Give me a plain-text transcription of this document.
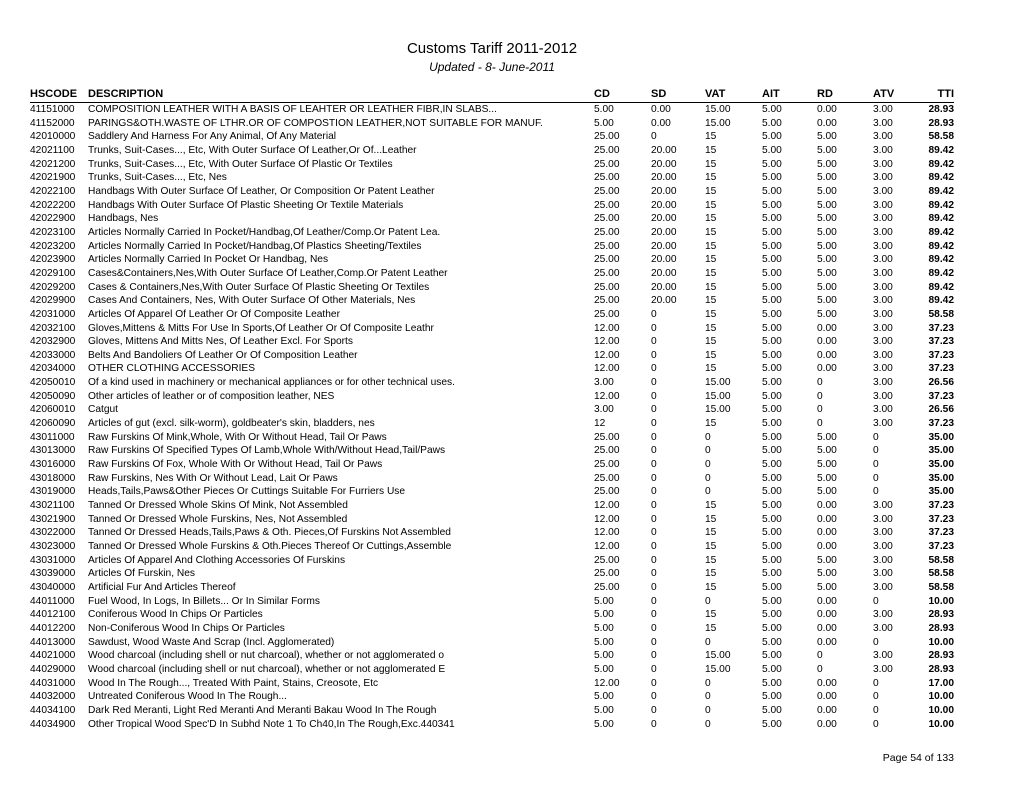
Customs Tariff 2011-2012
Updated - 8- June-2011
HSCODE	DESCRIPTION	CD	SD	VAT	AIT	RD	ATV	TTI
41151000	COMPOSITION LEATHER WITH A BASIS OF LEAHTER OR LEATHER FIBR,IN SLABS...	5.00	0.00	15.00	5.00	0.00	3.00	28.93
41152000	PARINGS&OTH.WASTE OF LTHR.OR OF COMPOSTION LEATHER,NOT SUITABLE FOR MANUF.	5.00	0.00	15.00	5.00	0.00	3.00	28.93
42010000	Saddlery And Harness For Any Animal, Of Any Material	25.00	0	15	5.00	5.00	3.00	58.58
42021100	Trunks, Suit-Cases..., Etc, With Outer Surface Of Leather,Or Of...Leather	25.00	20.00	15	5.00	5.00	3.00	89.42
42021200	Trunks, Suit-Cases..., Etc, With Outer Surface Of Plastic Or Textiles	25.00	20.00	15	5.00	5.00	3.00	89.42
42021900	Trunks, Suit-Cases..., Etc, Nes	25.00	20.00	15	5.00	5.00	3.00	89.42
42022100	Handbags With Outer Surface Of Leather, Or Composition Or Patent Leather	25.00	20.00	15	5.00	5.00	3.00	89.42
42022200	Handbags With Outer Surface Of Plastic Sheeting Or Textile Materials	25.00	20.00	15	5.00	5.00	3.00	89.42
42022900	Handbags, Nes	25.00	20.00	15	5.00	5.00	3.00	89.42
42023100	Articles Normally Carried In Pocket/Handbag,Of Leather/Comp.Or Patent Lea.	25.00	20.00	15	5.00	5.00	3.00	89.42
42023200	Articles Normally Carried In Pocket/Handbag,Of Plastics Sheeting/Textiles	25.00	20.00	15	5.00	5.00	3.00	89.42
42023900	Articles Normally Carried In Pocket Or Handbag, Nes	25.00	20.00	15	5.00	5.00	3.00	89.42
42029100	Cases&Containers,Nes,With Outer Surface Of Leather,Comp.Or Patent Leather	25.00	20.00	15	5.00	5.00	3.00	89.42
42029200	Cases & Containers,Nes,With Outer Surface Of Plastic Sheeting Or Textiles	25.00	20.00	15	5.00	5.00	3.00	89.42
42029900	Cases And Containers, Nes, With Outer Surface Of Other Materials, Nes	25.00	20.00	15	5.00	5.00	3.00	89.42
42031000	Articles Of Apparel Of Leather Or Of Composite Leather	25.00	0	15	5.00	5.00	3.00	58.58
42032100	Gloves,Mittens & Mitts For Use In Sports,Of Leather Or Of Composite Leathr	12.00	0	15	5.00	0.00	3.00	37.23
42032900	Gloves, Mittens And Mitts Nes, Of Leather Excl. For Sports	12.00	0	15	5.00	0.00	3.00	37.23
42033000	Belts And Bandoliers Of Leather Or Of Composition Leather	12.00	0	15	5.00	0.00	3.00	37.23
42034000	OTHER CLOTHING ACCESSORIES	12.00	0	15	5.00	0.00	3.00	37.23
42050010	Of a kind used in machinery or mechanical appliances or for other technical uses.	3.00	0	15.00	5.00	0	3.00	26.56
42050090	Other articles of leather or of composition leather, NES	12.00	0	15.00	5.00	0	3.00	37.23
42060010	Catgut	3.00	0	15.00	5.00	0	3.00	26.56
42060090	Articles of gut (excl. silk-worm), goldbeater's skin, bladders, nes	12	0	15	5.00	0	3.00	37.23
43011000	Raw Furskins Of Mink,Whole, With Or Without Head, Tail Or Paws	25.00	0	0	5.00	5.00	0	35.00
43013000	Raw Furskins Of Specified Types Of Lamb,Whole With/Without Head,Tail/Paws	25.00	0	0	5.00	5.00	0	35.00
43016000	Raw Furskins Of Fox, Whole With Or Without Head, Tail Or Paws	25.00	0	0	5.00	5.00	0	35.00
43018000	Raw Furskins, Nes With Or Without Lead, Lait Or Paws	25.00	0	0	5.00	5.00	0	35.00
43019000	Heads,Tails,Paws&Other Pieces Or Cuttings Suitable For Furriers Use	25.00	0	0	5.00	5.00	0	35.00
43021100	Tanned Or Dressed Whole Skins Of Mink, Not Assembled	12.00	0	15	5.00	0.00	3.00	37.23
43021900	Tanned Or Dressed Whole Furskins, Nes, Not Assembled	12.00	0	15	5.00	0.00	3.00	37.23
43022000	Tanned Or Dressed Heads,Tails,Paws & Oth. Pieces,Of Furskins Not Assembled	12.00	0	15	5.00	0.00	3.00	37.23
43023000	Tanned Or Dressed Whole Furskins & Oth.Pieces Thereof Or Cuttings,Assemble	12.00	0	15	5.00	0.00	3.00	37.23
43031000	Articles Of Apparel And Clothing Accessories Of Furskins	25.00	0	15	5.00	5.00	3.00	58.58
43039000	Articles Of Furskin, Nes	25.00	0	15	5.00	5.00	3.00	58.58
43040000	Artificial Fur And Articles Thereof	25.00	0	15	5.00	5.00	3.00	58.58
44011000	Fuel Wood, In Logs, In Billets... Or In Similar Forms	5.00	0	0	5.00	0.00	0	10.00
44012100	Coniferous Wood In Chips Or Particles	5.00	0	15	5.00	0.00	3.00	28.93
44012200	Non-Coniferous Wood In Chips Or Particles	5.00	0	15	5.00	0.00	3.00	28.93
44013000	Sawdust, Wood Waste And Scrap (Incl. Agglomerated)	5.00	0	0	5.00	0.00	0	10.00
44021000	Wood charcoal (including shell or nut charcoal), whether or not agglomerated o	5.00	0	15.00	5.00	0	3.00	28.93
44029000	Wood charcoal (including shell or nut charcoal), whether or not agglomerated E	5.00	0	15.00	5.00	0	3.00	28.93
44031000	Wood In The Rough..., Treated With Paint, Stains, Creosote, Etc	12.00	0	0	5.00	0.00	0	17.00
44032000	Untreated Coniferous Wood In The Rough...	5.00	0	0	5.00	0.00	0	10.00
44034100	Dark Red Meranti, Light Red Meranti And Meranti Bakau Wood In The Rough	5.00	0	0	5.00	0.00	0	10.00
44034900	Other Tropical Wood Spec'D In Subhd Note 1 To Ch40,In The Rough,Exc.440341	5.00	0	0	5.00	0.00	0	10.00
Page 54 of 133
